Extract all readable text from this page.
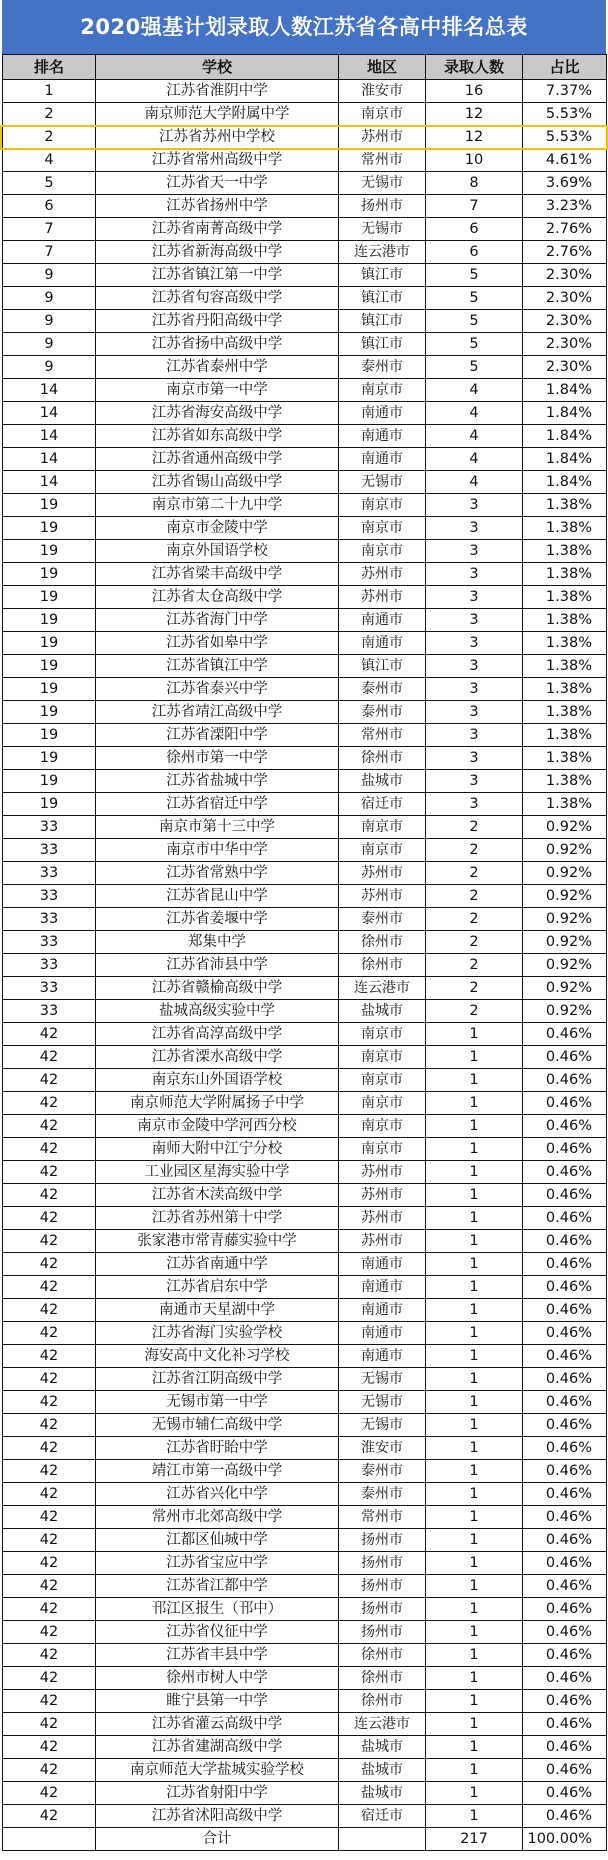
2020强基计划录取人数江苏省各高中排名总表
排名	学校	地区	录取人数	占比
1	江苏省淮阴中学	淮安市	16	7.37%
2	南京师范大学附属中学	南京市	12	5.53%
2	江苏省苏州中学校	苏州市	12	5.53%
4	江苏省常州高级中学	常州市	10	4.61%
5	江苏省天一中学	无锡市	8	3.69%
6	江苏省扬州中学	扬州市	7	3.23%
7	江苏省南菁高级中学	无锡市	6	2.76%
7	江苏省新海高级中学	连云港市	6	2.76%
9	江苏省镇江第一中学	镇江市	5	2.30%
9	江苏省句容高级中学	镇江市	5	2.30%
9	江苏省丹阳高级中学	镇江市	5	2.30%
9	江苏省扬中高级中学	镇江市	5	2.30%
9	江苏省泰州中学	泰州市	5	2.30%
14	南京市第一中学	南京市	4	1.84%
14	江苏省海安高级中学	南通市	4	1.84%
14	江苏省如东高级中学	南通市	4	1.84%
14	江苏省通州高级中学	南通市	4	1.84%
14	江苏省锡山高级中学	无锡市	4	1.84%
19	南京市第二十九中学	南京市	3	1.38%
19	南京市金陵中学	南京市	3	1.38%
19	南京外国语学校	南京市	3	1.38%
19	江苏省梁丰高级中学	苏州市	3	1.38%
19	江苏省太仓高级中学	苏州市	3	1.38%
19	江苏省海门中学	南通市	3	1.38%
19	江苏省如皋中学	南通市	3	1.38%
19	江苏省镇江中学	镇江市	3	1.38%
19	江苏省泰兴中学	泰州市	3	1.38%
19	江苏省靖江高级中学	泰州市	3	1.38%
19	江苏省溧阳中学	常州市	3	1.38%
19	徐州市第一中学	徐州市	3	1.38%
19	江苏省盐城中学	盐城市	3	1.38%
19	江苏省宿迁中学	宿迁市	3	1.38%
33	南京市第十三中学	南京市	2	0.92%
33	南京市中华中学	南京市	2	0.92%
33	江苏省常熟中学	苏州市	2	0.92%
33	江苏省昆山中学	苏州市	2	0.92%
33	江苏省姜堰中学	泰州市	2	0.92%
33	郑集中学	徐州市	2	0.92%
33	江苏省沛县中学	徐州市	2	0.92%
33	江苏省赣榆高级中学	连云港市	2	0.92%
33	盐城高级实验中学	盐城市	2	0.92%
42	江苏省高淳高级中学	南京市	1	0.46%
42	江苏省溧水高级中学	南京市	1	0.46%
42	南京东山外国语学校	南京市	1	0.46%
42	南京师范大学附属扬子中学	南京市	1	0.46%
42	南京市金陵中学河西分校	南京市	1	0.46%
42	南师大附中江宁分校	南京市	1	0.46%
42	工业园区星海实验中学	苏州市	1	0.46%
42	江苏省木渎高级中学	苏州市	1	0.46%
42	江苏省苏州第十中学	苏州市	1	0.46%
42	张家港市常青藤实验中学	苏州市	1	0.46%
42	江苏省南通中学	南通市	1	0.46%
42	江苏省启东中学	南通市	1	0.46%
42	南通市天星湖中学	南通市	1	0.46%
42	江苏省海门实验学校	南通市	1	0.46%
42	海安高中文化补习学校	南通市	1	0.46%
42	江苏省江阴高级中学	无锡市	1	0.46%
42	无锡市第一中学	无锡市	1	0.46%
42	无锡市辅仁高级中学	无锡市	1	0.46%
42	江苏省盱眙中学	淮安市	1	0.46%
42	靖江市第一高级中学	泰州市	1	0.46%
42	江苏省兴化中学	泰州市	1	0.46%
42	常州市北郊高级中学	常州市	1	0.46%
42	江都区仙城中学	扬州市	1	0.46%
42	江苏省宝应中学	扬州市	1	0.46%
42	江苏省江都中学	扬州市	1	0.46%
42	邗江区报生（邗中）	扬州市	1	0.46%
42	江苏省仪征中学	扬州市	1	0.46%
42	江苏省丰县中学	徐州市	1	0.46%
42	徐州市树人中学	徐州市	1	0.46%
42	睢宁县第一中学	徐州市	1	0.46%
42	江苏省灌云高级中学	连云港市	1	0.46%
42	江苏省建湖高级中学	盐城市	1	0.46%
42	南京师范大学盐城实验学校	盐城市	1	0.46%
42	江苏省射阳中学	盐城市	1	0.46%
42	江苏省沭阳高级中学	宿迁市	1	0.46%
	合计		217	100.00%
